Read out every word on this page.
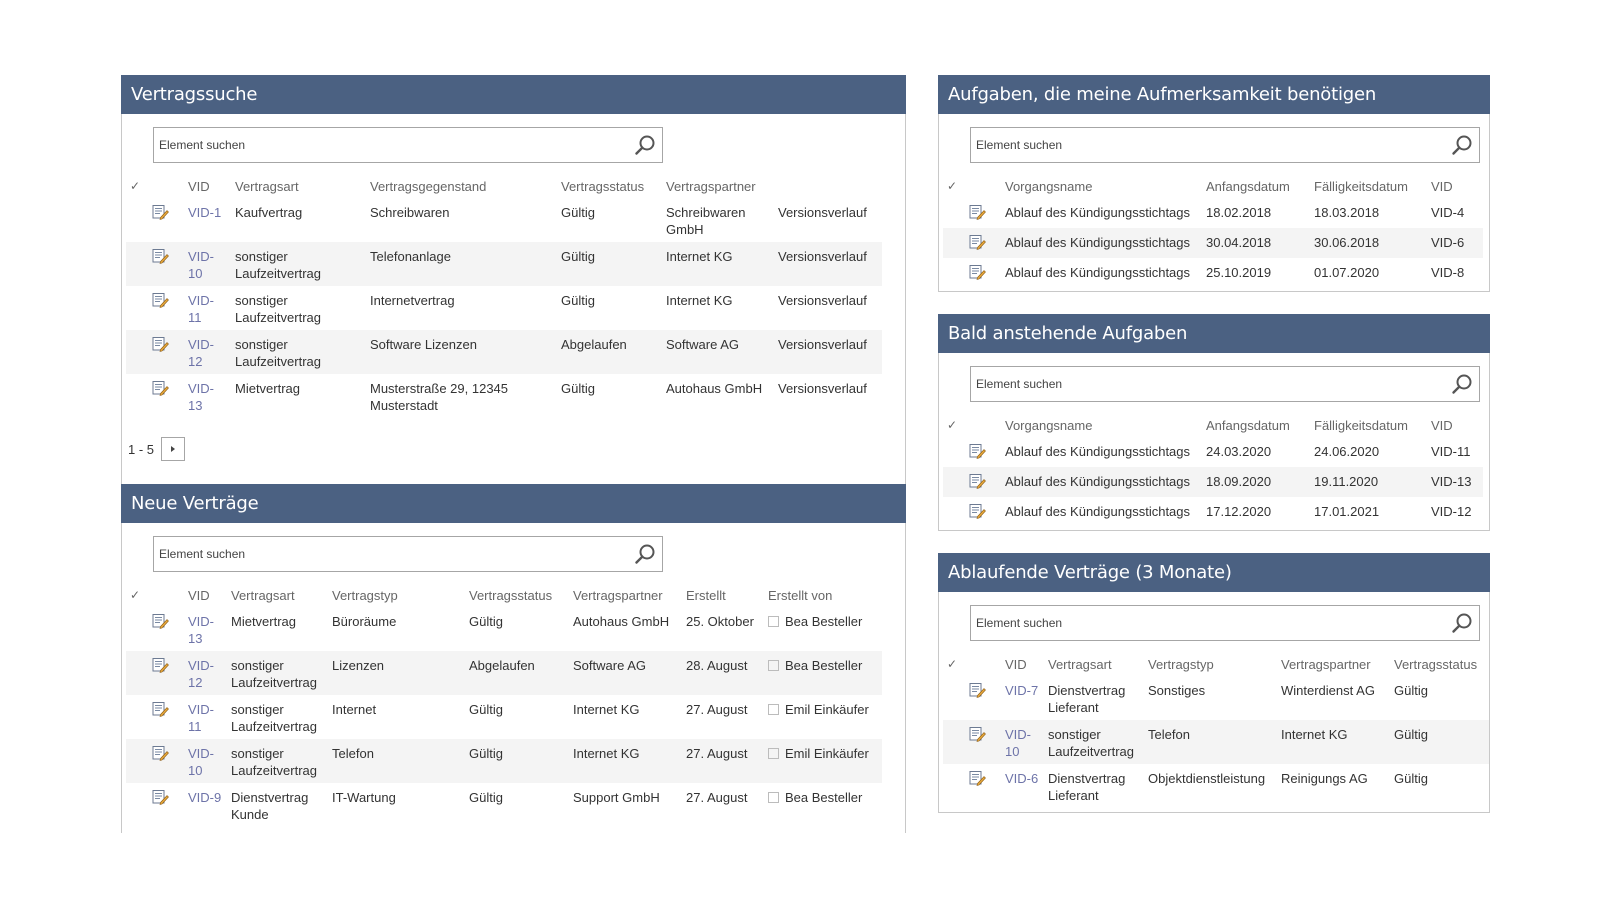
Vertragssuche
Element suchen
✓		VID	Vertragsart	Vertragsgegenstand	Vertragsstatus	Vertragspartner	
		VID-1	Kaufvertrag	Schreibwaren	Gültig	Schreibwaren GmbH	Versionsverlauf
		VID-10	sonstiger Laufzeitvertrag	Telefonanlage	Gültig	Internet KG	Versionsverlauf
		VID-11	sonstiger Laufzeitvertrag	Internetvertrag	Gültig	Internet KG	Versionsverlauf
		VID-12	sonstiger Laufzeitvertrag	Software Lizenzen	Abgelaufen	Software AG	Versionsverlauf
		VID-13	Mietvertrag	Musterstraße 29, 12345 Musterstadt	Gültig	Autohaus GmbH	Versionsverlauf
1 - 5
Neue Verträge
Element suchen
✓		VID	Vertragsart	Vertragstyp	Vertragsstatus	Vertragspartner	Erstellt	Erstellt von
		VID-13	Mietvertrag	Büroräume	Gültig	Autohaus GmbH	25. Oktober	Bea Besteller
		VID-12	sonstiger Laufzeitvertrag	Lizenzen	Abgelaufen	Software AG	28. August	Bea Besteller
		VID-11	sonstiger Laufzeitvertrag	Internet	Gültig	Internet KG	27. August	Emil Einkäufer
		VID-10	sonstiger Laufzeitvertrag	Telefon	Gültig	Internet KG	27. August	Emil Einkäufer
		VID-9	Dienstvertrag Kunde	IT-Wartung	Gültig	Support GmbH	27. August	Bea Besteller
Aufgaben, die meine Aufmerksamkeit benötigen
Element suchen
✓		Vorgangsname	Anfangsdatum	Fälligkeitsdatum	VID
		Ablauf des Kündigungsstichtags	18.02.2018	18.03.2018	VID-4
		Ablauf des Kündigungsstichtags	30.04.2018	30.06.2018	VID-6
		Ablauf des Kündigungsstichtags	25.10.2019	01.07.2020	VID-8
Bald anstehende Aufgaben
Element suchen
✓		Vorgangsname	Anfangsdatum	Fälligkeitsdatum	VID
		Ablauf des Kündigungsstichtags	24.03.2020	24.06.2020	VID-11
		Ablauf des Kündigungsstichtags	18.09.2020	19.11.2020	VID-13
		Ablauf des Kündigungsstichtags	17.12.2020	17.01.2021	VID-12
Ablaufende Verträge (3 Monate)
Element suchen
✓		VID	Vertragsart	Vertragstyp	Vertragspartner	Vertragsstatus
		VID-7	Dienstvertrag Lieferant	Sonstiges	Winterdienst AG	Gültig
		VID-10	sonstiger Laufzeitvertrag	Telefon	Internet KG	Gültig
		VID-6	Dienstvertrag Lieferant	Objektdienstleistung	Reinigungs AG	Gültig
